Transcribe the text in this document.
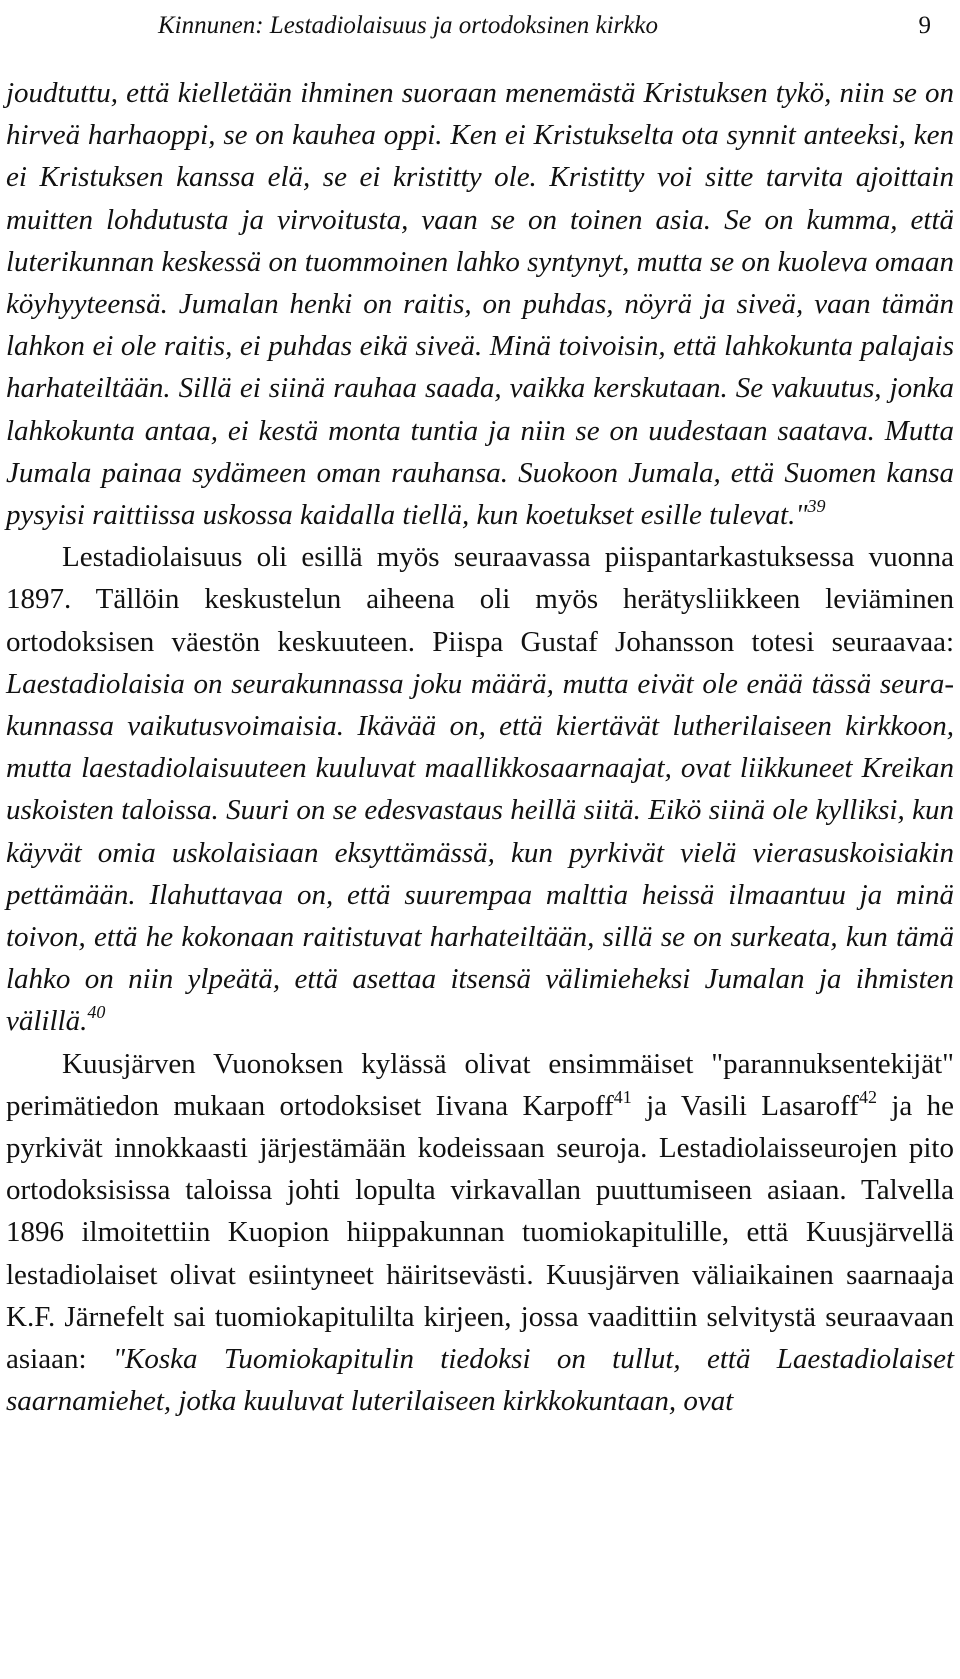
Kinnunen: Lestadiolaisuus ja ortodoksinen kirkko	9

joudtuttu, että kielletään ihminen suoraan menemästä Kristuksen tykö, niin se on hirveä harhaoppi, se on kauhea oppi. Ken ei Kristukselta ota synnit anteeksi, ken ei Kristuksen kanssa elä, se ei kristitty ole. Kristitty voi sitte tarvita ajoittain muitten lohdutusta ja virvoitusta, vaan se on toinen asia. Se on kumma, että luterikunnan keskessä on tuommoinen lahko syntynyt, mutta se on kuoleva omaan köyhyyteensä. Jumalan henki on raitis, on puhdas, nöyrä ja siveä, vaan tämän lahkon ei ole raitis, ei puhdas eikä siveä. Minä toivoisin, että lahkokunta palajais harhateiltään. Sillä ei siinä rauhaa saada, vaikka kerskutaan. Se vakuutus, jonka lahkokunta antaa, ei kestä monta tuntia ja niin se on uudestaan saatava. Mutta Jumala painaa sydämeen oman rauhansa. Suokoon Jumala, että Suomen kansa pysyisi raittiissa uskossa kaidalla tiellä, kun koetukset esille tulevat."$^{39}$

Lestadiolaisuus oli esillä myös seuraavassa piispantarkastuksessa vuonna 1897. Tällöin keskustelun aiheena oli myös herätysliikkeen leviäminen ortodoksisen väestön keskuuteen. Piispa Gustaf Johansson totesi seuraavaa: Laestadiolaisia on seurakunnassa joku määrä, mutta eivät ole enää tässä seurakunnassa vaikutusvoimaisia. Ikävää on, että kiertävät lutherilaiseen kirkkoon, mutta laestadiolaisuuteen kuuluvat maallikkosaarnaajat, ovat liikkuneet Kreikan uskoisten taloissa. Suuri on se edesvastaus heillä siitä. Eikö siinä ole kylliksi, kun käyvät omia uskolaisiaan eksyttämässä, kun pyrkivät vielä vierasuskoisiakin pettämään. Ilahuttavaa on, että suurempaa malttia heissä ilmaantuu ja minä toivon, että he kokonaan raitistuvat harhateiltään, sillä se on surkeata, kun tämä lahko on niin ylpeätä, että asettaa itsensä välimieheksi Jumalan ja ihmisten välillä.$^{40}$

Kuusjärven Vuonoksen kylässä olivat ensimmäiset "parannuksentekijät" perimätiedon mukaan ortodoksiset Iivana Karpoff$^{41}$ ja Vasili Lasaroff$^{42}$ ja he pyrkivät innokkaasti järjestämään kodeissaan seuroja. Lestadiolaisseurojen pito ortodoksisissa taloissa johti lopulta virkavallan puuttumiseen asiaan. Talvella 1896 ilmoitettiin Kuopion hiippakunnan tuomiokapitulille, että Kuusjärvellä lestadiolaiset olivat esiintyneet häiritsevästi. Kuusjärven väliaikainen saarnaaja K.F. Järnefelt sai tuomiokapitulilta kirjeen, jossa vaadittiin selvitystä seuraavaan asiaan: "Koska Tuomiokapitulin tiedoksi on tullut, että Laestadiolaiset saarnamiehet, jotka kuuluvat luterilaiseen kirkkokuntaan, ovat
